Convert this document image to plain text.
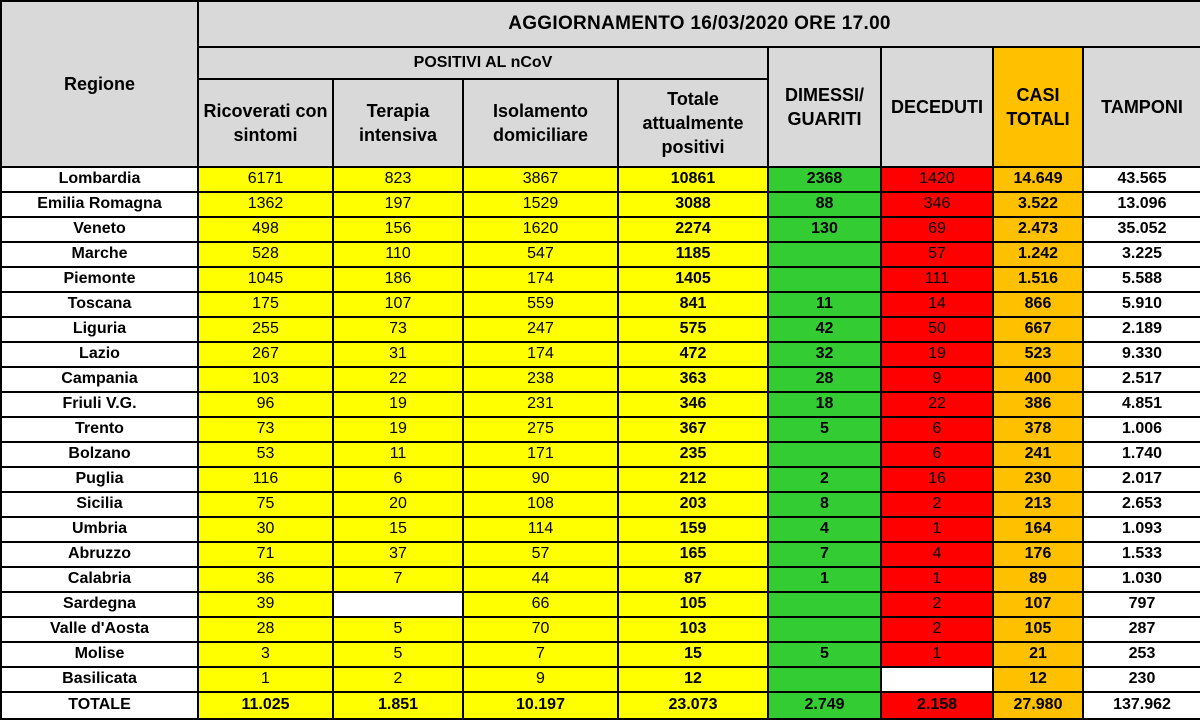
Regione	AGGIORNAMENTO 16/03/2020 ORE 17.00							
	POSITIVI AL nCoV				DIMESSI/ GUARITI	DECEDUTI	CASI TOTALI	TAMPONI
	Ricoverati con sintomi	Terapia intensiva	Isolamento domiciliare	Totale attualmente positivi				
Lombardia	6171	823	3867	10861	2368	1420	14.649	43.565
Emilia Romagna	1362	197	1529	3088	88	346	3.522	13.096
Veneto	498	156	1620	2274	130	69	2.473	35.052
Marche	528	110	547	1185		57	1.242	3.225
Piemonte	1045	186	174	1405		111	1.516	5.588
Toscana	175	107	559	841	11	14	866	5.910
Liguria	255	73	247	575	42	50	667	2.189
Lazio	267	31	174	472	32	19	523	9.330
Campania	103	22	238	363	28	9	400	2.517
Friuli V.G.	96	19	231	346	18	22	386	4.851
Trento	73	19	275	367	5	6	378	1.006
Bolzano	53	11	171	235		6	241	1.740
Puglia	116	6	90	212	2	16	230	2.017
Sicilia	75	20	108	203	8	2	213	2.653
Umbria	30	15	114	159	4	1	164	1.093
Abruzzo	71	37	57	165	7	4	176	1.533
Calabria	36	7	44	87	1	1	89	1.030
Sardegna	39		66	105		2	107	797
Valle d'Aosta	28	5	70	103		2	105	287
Molise	3	5	7	15	5	1	21	253
Basilicata	1	2	9	12			12	230
TOTALE	11.025	1.851	10.197	23.073	2.749	2.158	27.980	137.962
